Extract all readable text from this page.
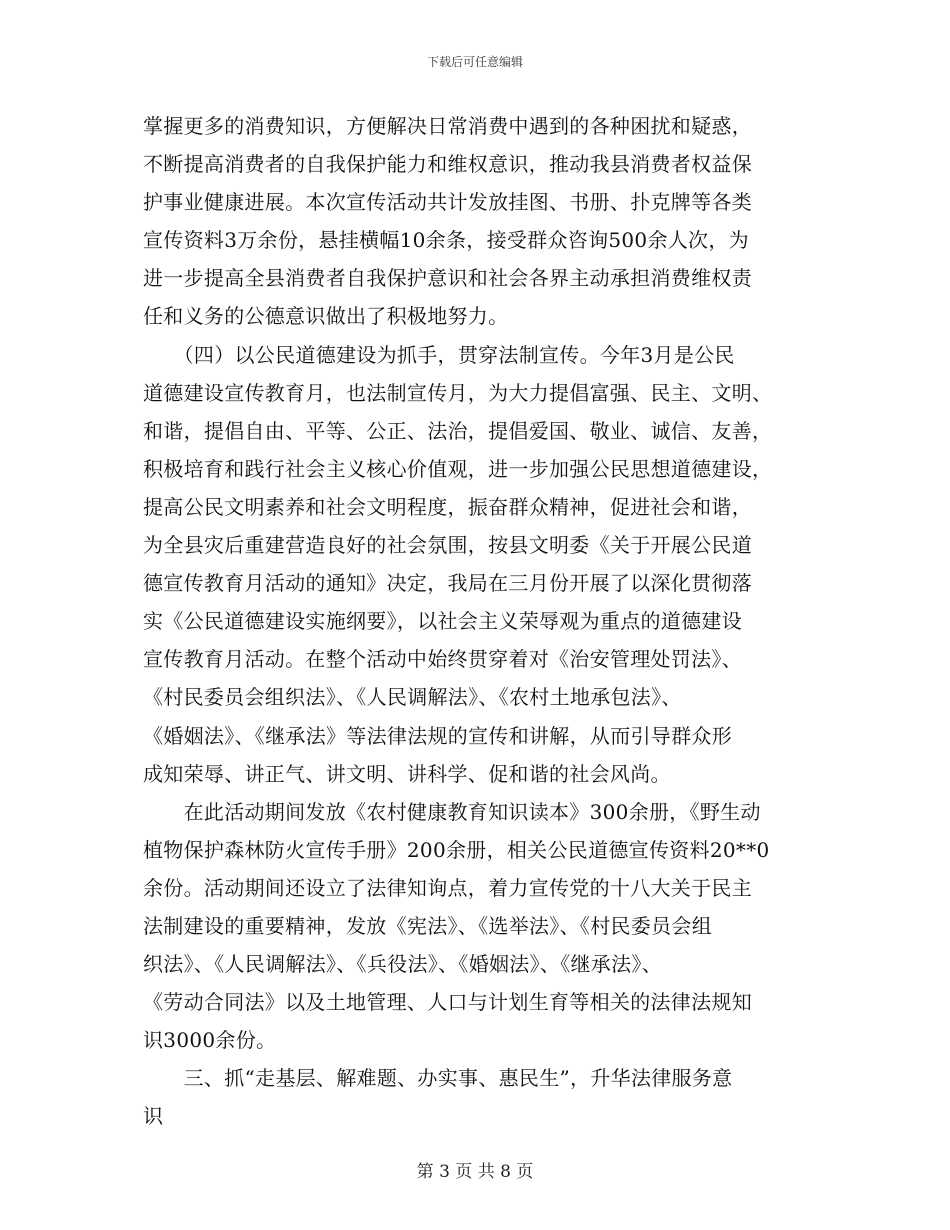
下载后可任意编辑
掌握更多的消费知识，方便解决日常消费中遇到的各种困扰和疑惑，
不断提高消费者的自我保护能力和维权意识，推动我县消费者权益保
护事业健康进展。本次宣传活动共计发放挂图、书册、扑克牌等各类
宣传资料3万余份，悬挂横幅10余条，接受群众咨询500余人次，为
进一步提高全县消费者自我保护意识和社会各界主动承担消费维权责
任和义务的公德意识做出了积极地努力。
　　（四）以公民道德建设为抓手，贯穿法制宣传。今年3月是公民
道德建设宣传教育月，也法制宣传月，为大力提倡富强、民主、文明、
和谐，提倡自由、平等、公正、法治，提倡爱国、敬业、诚信、友善，
积极培育和践行社会主义核心价值观，进一步加强公民思想道德建设，
提高公民文明素养和社会文明程度，振奋群众精神，促进社会和谐，
为全县灾后重建营造良好的社会氛围，按县文明委《关于开展公民道
德宣传教育月活动的通知》决定，我局在三月份开展了以深化贯彻落
实《公民道德建设实施纲要》，以社会主义荣辱观为重点的道德建设
宣传教育月活动。在整个活动中始终贯穿着对《治安管理处罚法》、
《村民委员会组织法》、《人民调解法》、《农村土地承包法》、
《婚姻法》、《继承法》等法律法规的宣传和讲解，从而引导群众形
成知荣辱、讲正气、讲文明、讲科学、促和谐的社会风尚。
　　在此活动期间发放《农村健康教育知识读本》300余册，《野生动
植物保护森林防火宣传手册》200余册，相关公民道德宣传资料20**0
余份。活动期间还设立了法律知询点，着力宣传党的十八大关于民主
法制建设的重要精神，发放《宪法》、《选举法》、《村民委员会组
织法》、《人民调解法》、《兵役法》、《婚姻法》、《继承法》、
《劳动合同法》以及土地管理、人口与计划生育等相关的法律法规知
识3000余份。
　　三、抓“走基层、解难题、办实事、惠民生”，升华法律服务意
识
第 3 页 共 8 页
